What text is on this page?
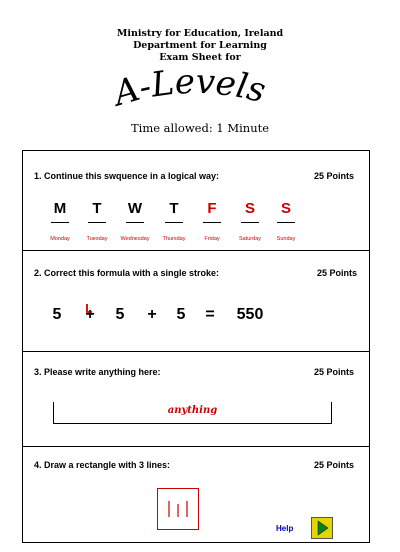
Ministry for Education, Ireland
Department for Learning
Exam Sheet for
A-Levels
Time allowed: 1 Minute
1. Continue this swquence in a logical way:	25 Points
M
Monday
T
Tuesday
W
Wednesday
T
Thursday
F
Friday
S
Saturday
S
Sunday
2. Correct this formula with a single stroke:	25 Points
5 + 5 + 5 =	550
3. Please write anything here:	25 Points
anything
4. Draw a rectangle with 3 lines:	25 Points
Help
